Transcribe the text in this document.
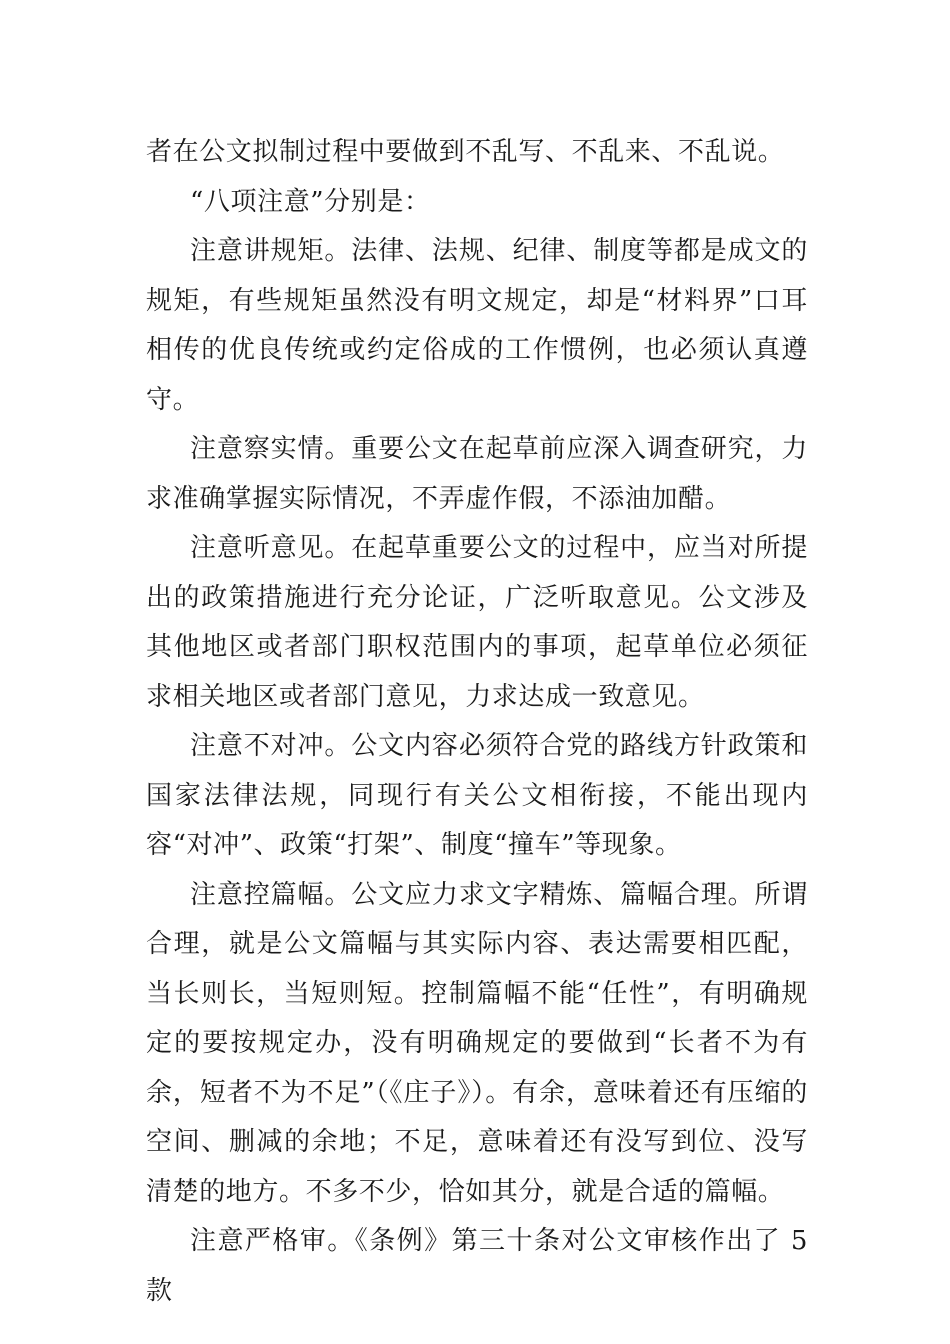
者在公文拟制过程中要做到不乱写、不乱来、不乱说。

“八项注意”分别是：

注意讲规矩。法律、法规、纪律、制度等都是成文的规矩，有些规矩虽然没有明文规定，却是“材料界”口耳相传的优良传统或约定俗成的工作惯例，也必须认真遵守。

注意察实情。重要公文在起草前应深入调查研究，力求准确掌握实际情况，不弄虚作假，不添油加醋。

注意听意见。在起草重要公文的过程中，应当对所提出的政策措施进行充分论证，广泛听取意见。公文涉及其他地区或者部门职权范围内的事项，起草单位必须征求相关地区或者部门意见，力求达成一致意见。

注意不对冲。公文内容必须符合党的路线方针政策和国家法律法规，同现行有关公文相衔接，不能出现内容“对冲”、政策“打架”、制度“撞车”等现象。

注意控篇幅。公文应力求文字精炼、篇幅合理。所谓合理，就是公文篇幅与其实际内容、表达需要相匹配，当长则长，当短则短。控制篇幅不能“任性”，有明确规定的要按规定办，没有明确规定的要做到“长者不为有余，短者不为不足”（《庄子》）。有余，意味着还有压缩的空间、删减的余地；不足，意味着还有没写到位、没写清楚的地方。不多不少，恰如其分，就是合适的篇幅。

注意严格审。《条例》第三十条对公文审核作出了 5 款
